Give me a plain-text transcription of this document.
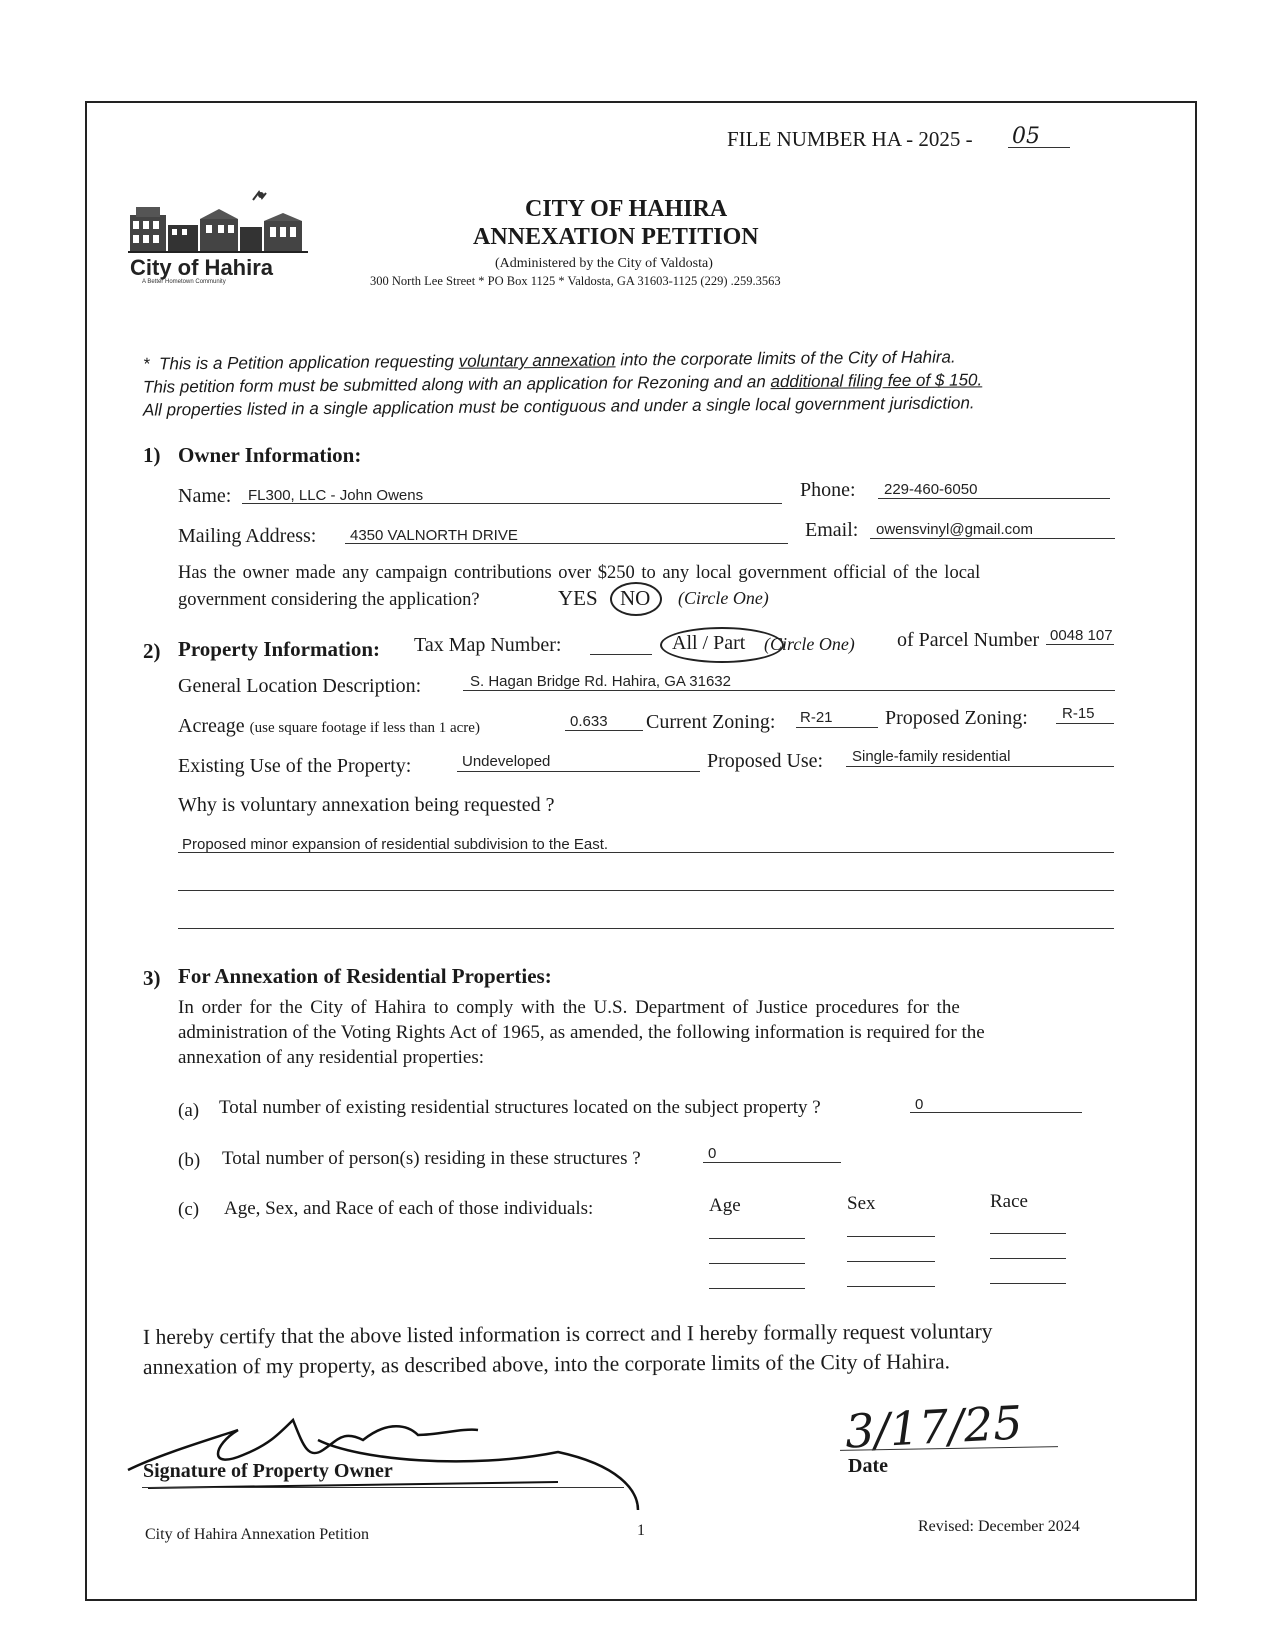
FILE NUMBER HA - 2025 - 05
City of Hahira
A Better Hometown Community
CITY OF HAHIRA
ANNEXATION PETITION
(Administered by the City of Valdosta)
300 North Lee Street * PO Box 1125 * Valdosta, GA 31603-1125 (229) .259.3563
* This is a Petition application requesting voluntary annexation into the corporate limits of the City of Hahira.
This petition form must be submitted along with an application for Rezoning and an additional filing fee of $ 150.
All properties listed in a single application must be contiguous and under a single local government jurisdiction.
1) Owner Information:
Name: FL300, LLC - John Owens	Phone: 229-460-6050
Mailing Address: 4350 VALNORTH DRIVE	Email: owensvinyl@gmail.com
Has the owner made any campaign contributions over $250 to any local government official of the local
government considering the application?	YES NO (Circle One)
2) Property Information: Tax Map Number:	All / Part (Circle One) of Parcel Number 0048 107
General Location Description:	S. Hagan Bridge Rd. Hahira, GA 31632
Acreage (use square footage if less than 1 acre)	0.633 Current Zoning: R-21	Proposed Zoning: R-15
Existing Use of the Property:	Undeveloped	Proposed Use: Single-family residential
Why is voluntary annexation being requested ?
Proposed minor expansion of residential subdivision to the East.
3) For Annexation of Residential Properties:
In order for the City of Hahira to comply with the U.S. Department of Justice procedures for the
administration of the Voting Rights Act of 1965, as amended, the following information is required for the
annexation of any residential properties:
(a) Total number of existing residential structures located on the subject property ?	0
(b) Total number of person(s) residing in these structures ?	0
(c) Age, Sex, and Race of each of those individuals:	Age	Sex	Race
I hereby certify that the above listed information is correct and I hereby formally request voluntary
annexation of my property, as described above, into the corporate limits of the City of Hahira.
Signature of Property Owner
3/17/25
Date
City of Hahira Annexation Petition	1	Revised: December 2024
